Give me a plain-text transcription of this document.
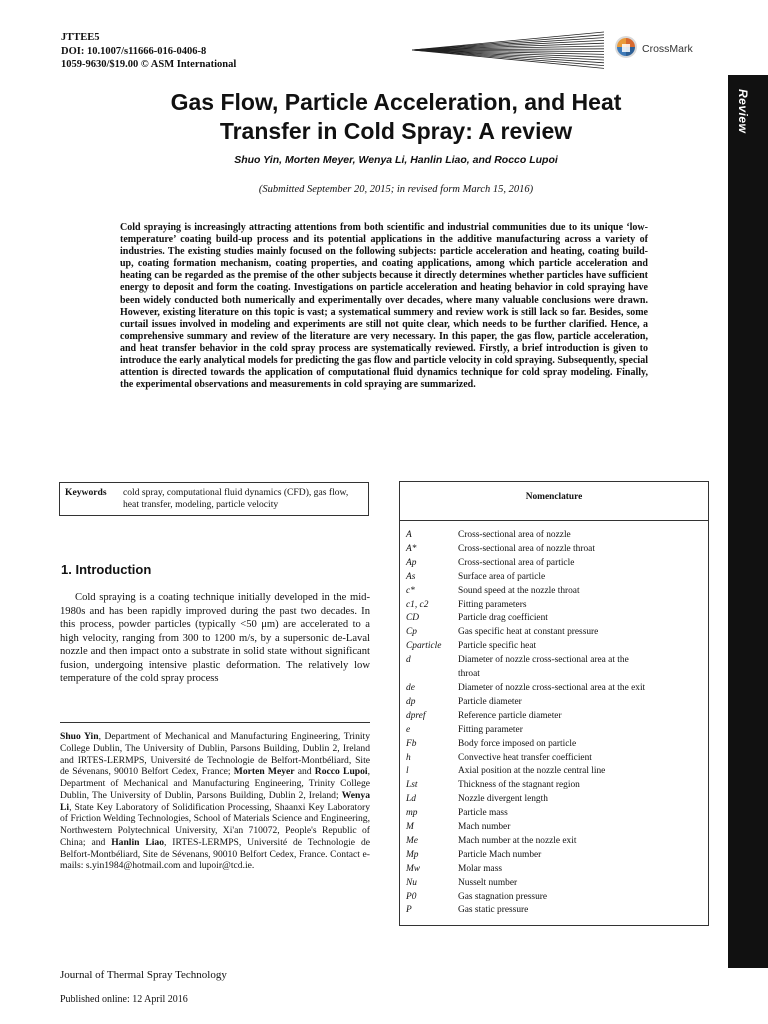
JTTEE5
DOI: 10.1007/s11666-016-0406-8
1059-9630/$19.00 © ASM International
CrossMark
Review
Gas Flow, Particle Acceleration, and Heat
Transfer in Cold Spray: A review
Shuo Yin, Morten Meyer, Wenya Li, Hanlin Liao, and Rocco Lupoi
(Submitted September 20, 2015; in revised form March 15, 2016)
Cold spraying is increasingly attracting attentions from both scientific and industrial communities due to its unique ‘low-temperature’ coating build-up process and its potential applications in the additive manufacturing across a variety of industries. The existing studies mainly focused on the following subjects: particle acceleration and heating, coating build-up, coating formation mechanism, coating properties, and coating applications, among which particle acceleration and heating can be regarded as the premise of the other subjects because it directly determines whether particles have sufficient energy to deposit and form the coating. Investigations on particle acceleration and heating behavior in cold spraying have been widely conducted both numerically and experimentally over decades, where many valuable conclusions were drawn. However, existing literature on this topic is vast; a systematical summery and review work is still lack so far. Besides, some curtail issues involved in modeling and experiments are still not quite clear, which needs to be further clarified. Hence, a comprehensive summary and review of the literature are very necessary. In this paper, the gas flow, particle acceleration, and heat transfer behavior in the cold spray process are systematically reviewed. Firstly, a brief introduction is given to introduce the early analytical models for predicting the gas flow and particle velocity in cold spraying. Subsequently, special attention is directed towards the application of computational fluid dynamics technique for cold spray modeling. Finally, the experimental observations and measurements in cold spraying are summarized.
Keywords	cold spray, computational fluid dynamics (CFD), gas flow, heat transfer, modeling, particle velocity
1. Introduction

Cold spraying is a coating technique initially developed in the mid-1980s and has been rapidly improved during the past two decades. In this process, powder particles (typically <50 μm) are accelerated to a high velocity, ranging from 300 to 1200 m/s, by a supersonic de-Laval nozzle and then impact onto a substrate in solid state without significant fusion, undergoing intensive plastic deformation. The relatively low temperature of the cold spray process

Shuo Yin, Department of Mechanical and Manufacturing Engineering, Trinity College Dublin, The University of Dublin, Parsons Building, Dublin 2, Ireland and IRTES-LERMPS, Université de Technologie de Belfort-Montbéliard, Site de Sévenans, 90010 Belfort Cedex, France; Morten Meyer and Rocco Lupoi, Department of Mechanical and Manufacturing Engineering, Trinity College Dublin, The University of Dublin, Parsons Building, Dublin 2, Ireland; Wenya Li, State Key Laboratory of Solidification Processing, Shaanxi Key Laboratory of Friction Welding Technologies, School of Materials Science and Engineering, Northwestern Polytechnical University, Xi'an 710072, People's Republic of China; and Hanlin Liao, IRTES-LERMPS, Université de Technologie de Belfort-Montbéliard, Site de Sévenans, 90010 Belfort Cedex, France. Contact e-mails: s.yin1984@hotmail.com and lupoir@tcd.ie.
Journal of Thermal Spray Technology
Published online: 12 April 2016
Nomenclature
A	Cross-sectional area of nozzle
A*	Cross-sectional area of nozzle throat
Ap	Cross-sectional area of particle
As	Surface area of particle
c*	Sound speed at the nozzle throat
c1, c2	Fitting parameters
CD	Particle drag coefficient
Cp	Gas specific heat at constant pressure
Cparticle	Particle specific heat
d	Diameter of nozzle cross-sectional area at the
throat
de	Diameter of nozzle cross-sectional area at the exit
dp	Particle diameter
dpref	Reference particle diameter
e	Fitting parameter
Fb	Body force imposed on particle
h	Convective heat transfer coefficient
l	Axial position at the nozzle central line
Lst	Thickness of the stagnant region
Ld	Nozzle divergent length
mp	Particle mass
M	Mach number
Me	Mach number at the nozzle exit
Mp	Particle Mach number
Mw	Molar mass
Nu	Nusselt number
P0	Gas stagnation pressure
P	Gas static pressure
